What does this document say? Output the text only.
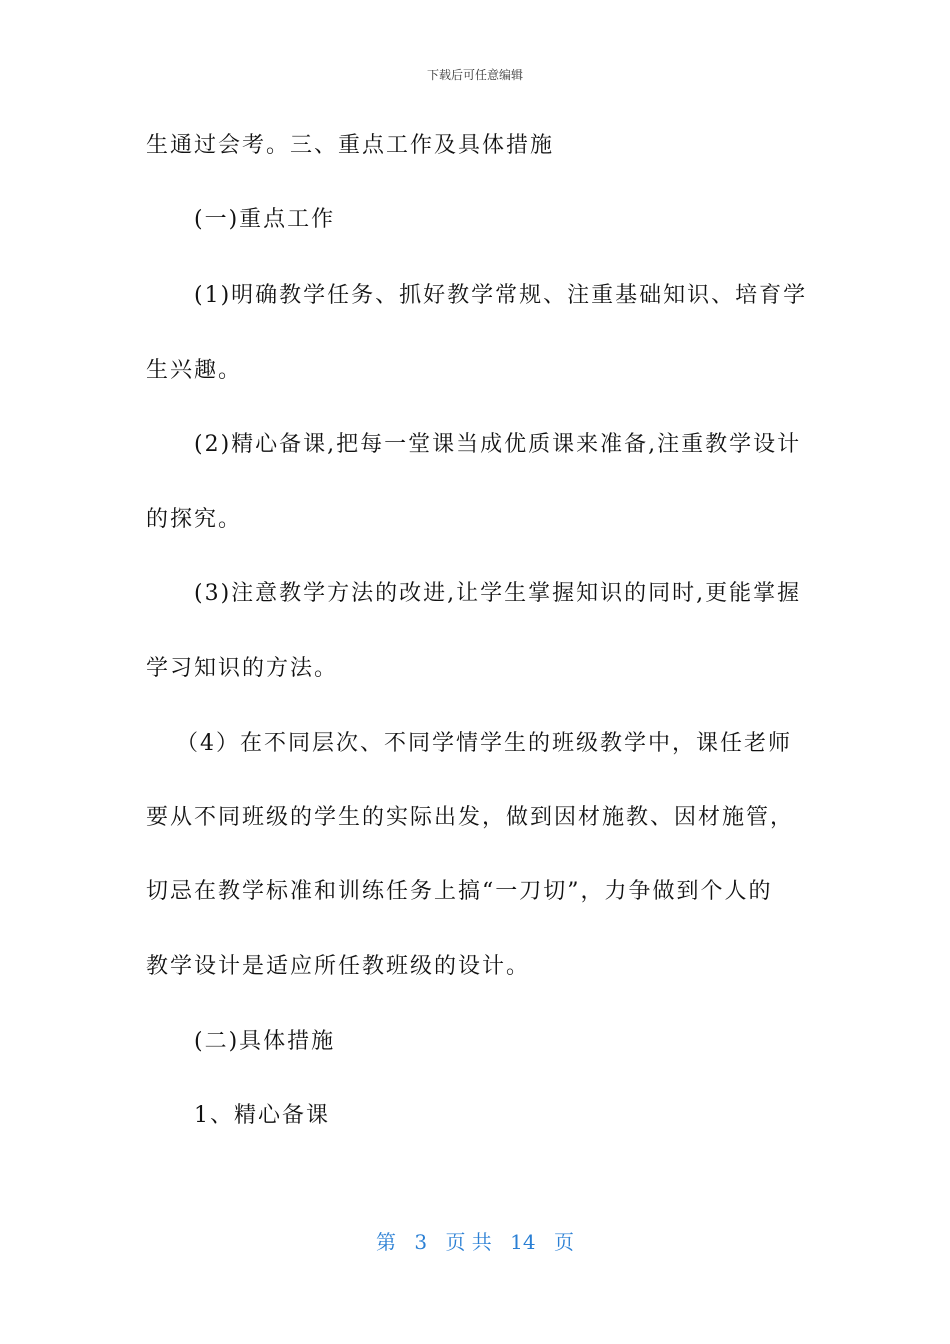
下载后可任意编辑
生通过会考。三、重点工作及具体措施
(一)重点工作
(1)明确教学任务、抓好教学常规、注重基础知识、培育学
生兴趣。
(2)精心备课,把每一堂课当成优质课来准备,注重教学设计
的探究。
(3)注意教学方法的改进,让学生掌握知识的同时,更能掌握
学习知识的方法。
（4）在不同层次、不同学情学生的班级教学中，课任老师
要从不同班级的学生的实际出发，做到因材施教、因材施管，
切忌在教学标准和训练任务上搞“一刀切”，力争做到个人的
教学设计是适应所任教班级的设计。
(二)具体措施
1、精心备课
第 3 页 共 14 页
